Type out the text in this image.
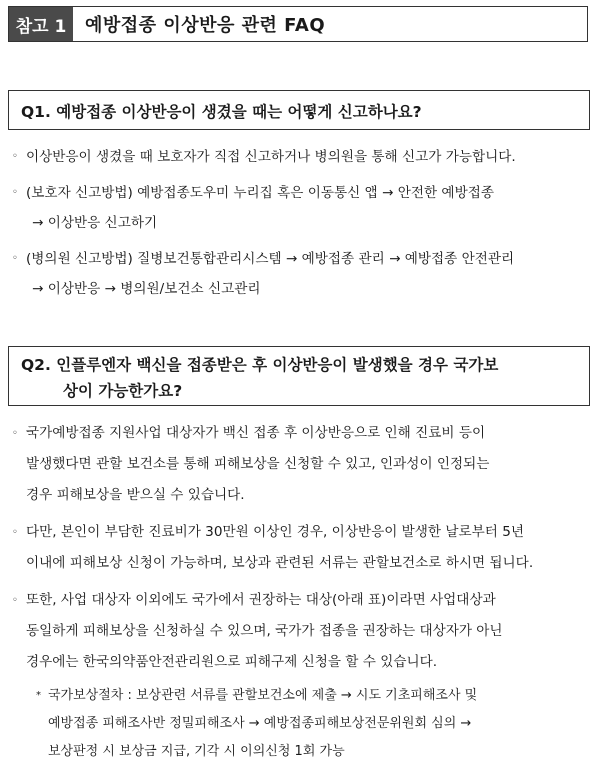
참고 1	예방접종 이상반응 관련 FAQ
Q1. 예방접종 이상반응이 생겼을 때는 어떻게 신고하나요?
◦ 이상반응이 생겼을 때 보호자가 직접 신고하거나 병의원을 통해 신고가 가능합니다.
◦ (보호자 신고방법) 예방접종도우미 누리집 혹은 이동통신 앱 → 안전한 예방접종
→ 이상반응 신고하기
◦ (병의원 신고방법) 질병보건통합관리시스템 → 예방접종 관리 → 예방접종 안전관리
→ 이상반응 → 병의원/보건소 신고관리
Q2. 인플루엔자 백신을 접종받은 후 이상반응이 발생했을 경우 국가보
상이 가능한가요?
◦ 국가예방접종 지원사업 대상자가 백신 접종 후 이상반응으로 인해 진료비 등이
발생했다면 관할 보건소를 통해 피해보상을 신청할 수 있고, 인과성이 인정되는
경우 피해보상을 받으실 수 있습니다.
◦ 다만, 본인이 부담한 진료비가 30만원 이상인 경우, 이상반응이 발생한 날로부터 5년
이내에 피해보상 신청이 가능하며, 보상과 관련된 서류는 관할보건소로 하시면 됩니다.
◦ 또한, 사업 대상자 이외에도 국가에서 권장하는 대상(아래 표)이라면 사업대상과
동일하게 피해보상을 신청하실 수 있으며, 국가가 접종을 권장하는 대상자가 아닌
경우에는 한국의약품안전관리원으로 피해구제 신청을 할 수 있습니다.
* 국가보상절차 : 보상관련 서류를 관할보건소에 제출 → 시도 기초피해조사 및
예방접종 피해조사반 정밀피해조사 → 예방접종피해보상전문위원회 심의 →
보상판정 시 보상금 지급, 기각 시 이의신청 1회 가능
